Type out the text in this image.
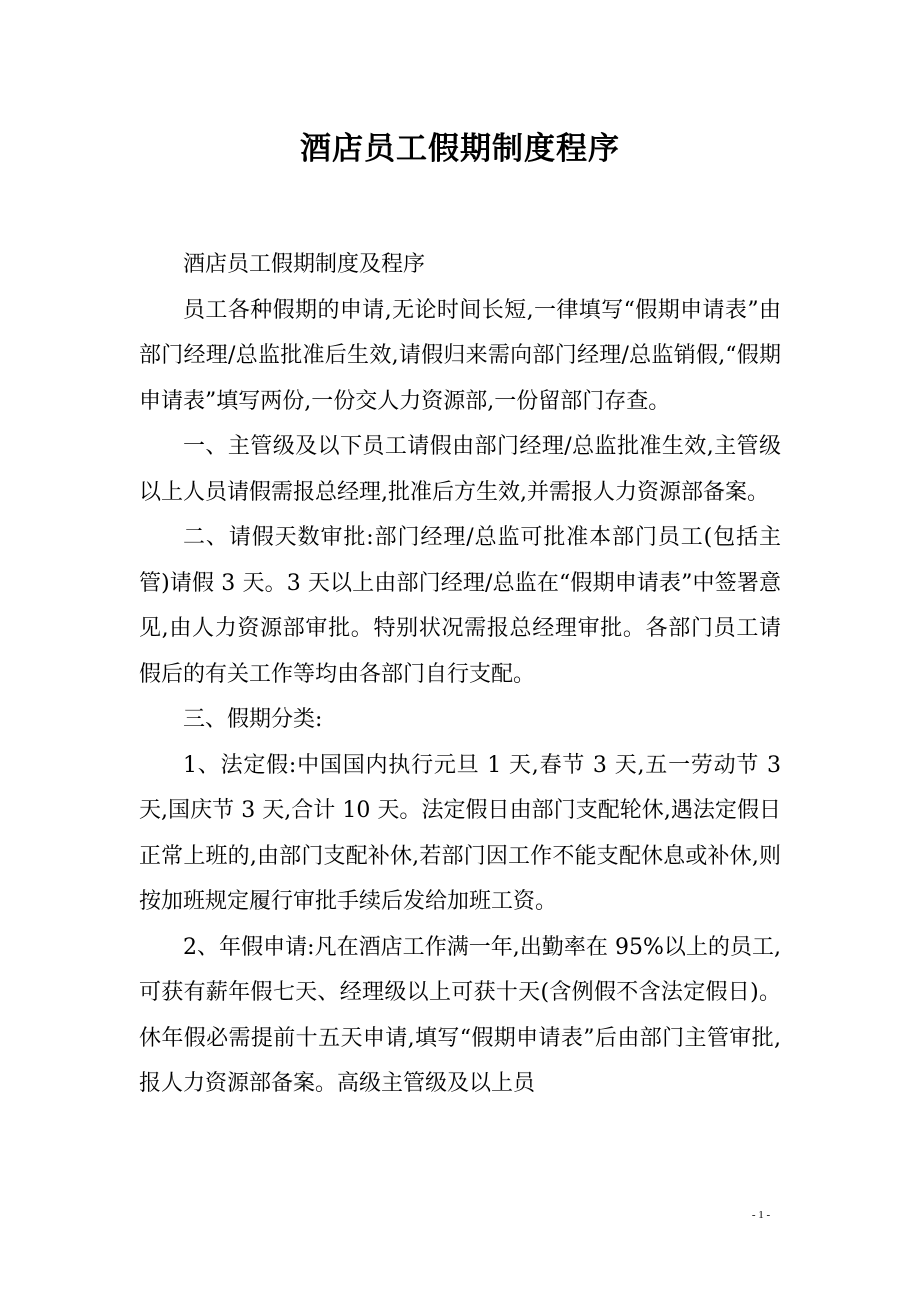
酒店员工假期制度程序

酒店员工假期制度及程序

员工各种假期的申请,无论时间长短,一律填写“假期申请表”由部门经理/总监批准后生效,请假归来需向部门经理/总监销假,“假期申请表”填写两份,一份交人力资源部,一份留部门存查。

一、主管级及以下员工请假由部门经理/总监批准生效,主管级以上人员请假需报总经理,批准后方生效,并需报人力资源部备案。

二、请假天数审批:部门经理/总监可批准本部门员工(包括主管)请假 3 天。3 天以上由部门经理/总监在“假期申请表”中签署意见,由人力资源部审批。特别状况需报总经理审批。各部门员工请假后的有关工作等均由各部门自行支配。

三、假期分类:

1、法定假:中国国内执行元旦 1 天,春节 3 天,五一劳动节 3 天,国庆节 3 天,合计 10 天。法定假日由部门支配轮休,遇法定假日正常上班的,由部门支配补休,若部门因工作不能支配休息或补休,则按加班规定履行审批手续后发给加班工资。

2、年假申请:凡在酒店工作满一年,出勤率在 95%以上的员工,可获有薪年假七天、经理级以上可获十天(含例假不含法定假日)。休年假必需提前十五天申请,填写“假期申请表”后由部门主管审批,报人力资源部备案。高级主管级及以上员

- 1 -
